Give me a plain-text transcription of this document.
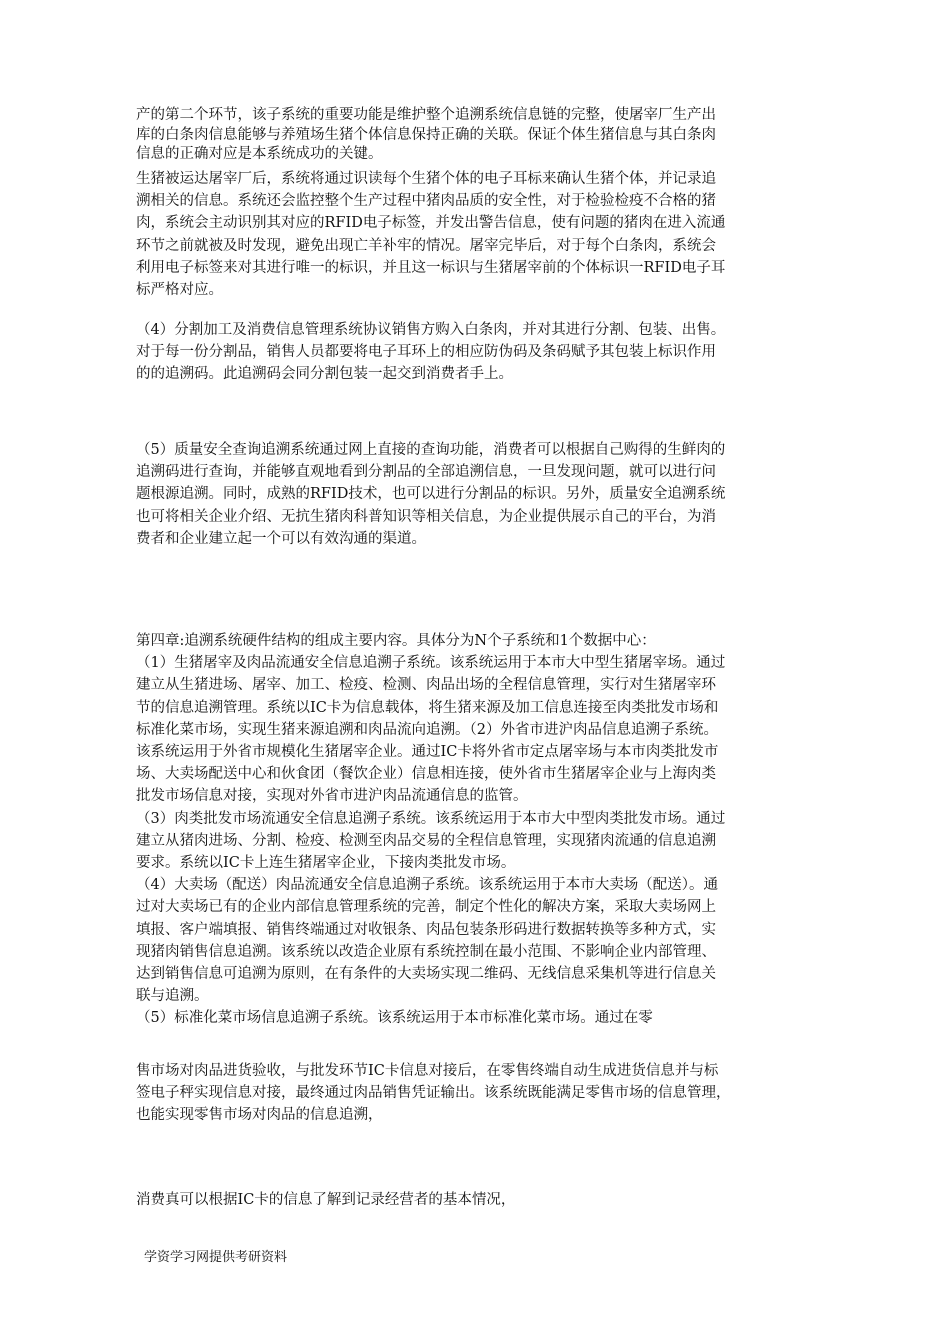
产的第二个环节，该子系统的重要功能是维护整个追溯系统信息链的完整，使屠宰厂生产出
库的白条肉信息能够与养殖场生猪个体信息保持正确的关联。保证个体生猪信息与其白条肉
信息的正确对应是本系统成功的关键。

生猪被运达屠宰厂后，系统将通过识读每个生猪个体的电子耳标来确认生猪个体，并记录追
溯相关的信息。系统还会监控整个生产过程中猪肉品质的安全性，对于检验检疫不合格的猪
肉，系统会主动识别其对应的RFID电子标签，并发出警告信息，使有问题的猪肉在进入流通
环节之前就被及时发现，避免出现亡羊补牢的情况。屠宰完毕后，对于每个白条肉，系统会
利用电子标签来对其进行唯一的标识，并且这一标识与生猪屠宰前的个体标识一RFID电子耳
标严格对应。

（4）分割加工及消费信息管理系统协议销售方购入白条肉，并对其进行分割、包装、出售。
对于每一份分割品，销售人员都要将电子耳环上的相应防伪码及条码赋予其包装上标识作用
的的追溯码。此追溯码会同分割包装一起交到消费者手上。

（5）质量安全查询追溯系统通过网上直接的查询功能，消费者可以根据自己购得的生鲜肉的
追溯码进行查询，并能够直观地看到分割品的全部追溯信息，一旦发现问题，就可以进行问
题根源追溯。同时，成熟的RFID技术，也可以进行分割品的标识。另外，质量安全追溯系统
也可将相关企业介绍、无抗生猪肉科普知识等相关信息，为企业提供展示自己的平台，为消
费者和企业建立起一个可以有效沟通的渠道。

第四章:追溯系统硬件结构的组成主要内容。具体分为N个子系统和1个数据中心：
（1）生猪屠宰及肉品流通安全信息追溯子系统。该系统运用于本市大中型生猪屠宰场。通过
建立从生猪进场、屠宰、加工、检疫、检测、肉品出场的全程信息管理，实行对生猪屠宰环
节的信息追溯管理。系统以IC卡为信息载体，将生猪来源及加工信息连接至肉类批发市场和
标准化菜市场，实现生猪来源追溯和肉品流向追溯。（2）外省市进沪肉品信息追溯子系统。
该系统运用于外省市规模化生猪屠宰企业。通过IC卡将外省市定点屠宰场与本市肉类批发市
场、大卖场配送中心和伙食团（餐饮企业）信息相连接，使外省市生猪屠宰企业与上海肉类
批发市场信息对接，实现对外省市进沪肉品流通信息的监管。
（3）肉类批发市场流通安全信息追溯子系统。该系统运用于本市大中型肉类批发市场。通过
建立从猪肉进场、分割、检疫、检测至肉品交易的全程信息管理，实现猪肉流通的信息追溯
要求。系统以IC卡上连生猪屠宰企业，下接肉类批发市场。
（4）大卖场（配送）肉品流通安全信息追溯子系统。该系统运用于本市大卖场（配送）。通
过对大卖场已有的企业内部信息管理系统的完善，制定个性化的解决方案，采取大卖场网上
填报、客户端填报、销售终端通过对收银条、肉品包装条形码进行数据转换等多种方式，实
现猪肉销售信息追溯。该系统以改造企业原有系统控制在最小范围、不影响企业内部管理、
达到销售信息可追溯为原则，在有条件的大卖场实现二维码、无线信息采集机等进行信息关
联与追溯。
（5）标准化菜市场信息追溯子系统。该系统运用于本市标准化菜市场。通过在零

售市场对肉品进货验收，与批发环节IC卡信息对接后，在零售终端自动生成进货信息并与标
签电子秤实现信息对接，最终通过肉品销售凭证输出。该系统既能满足零售市场的信息管理，
也能实现零售市场对肉品的信息追溯，

消费真可以根据IC卡的信息了解到记录经营者的基本情况，

学资学习网提供考研资料
